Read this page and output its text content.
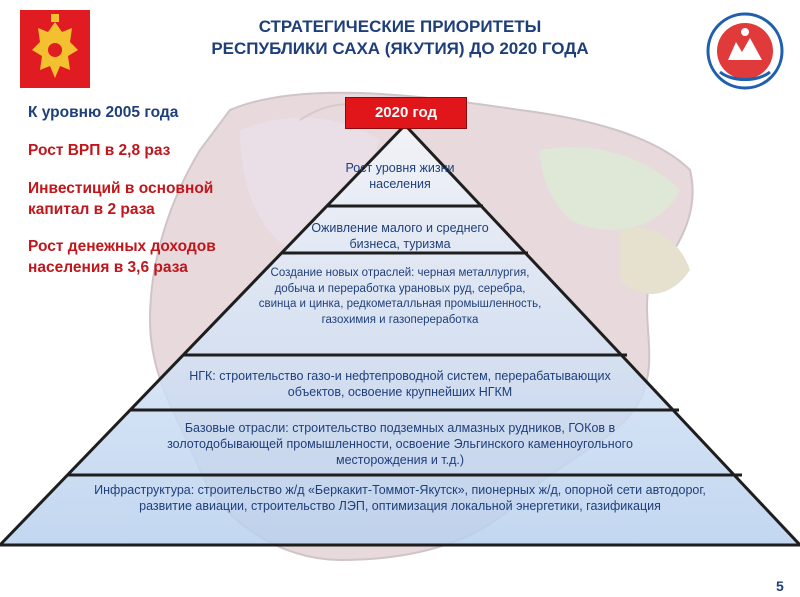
СТРАТЕГИЧЕСКИЕ ПРИОРИТЕТЫ
РЕСПУБЛИКИ САХА (ЯКУТИЯ) ДО 2020 ГОДА
К уровню 2005 года
Рост ВРП в 2,8 раз
Инвестиций в основной капитал в 2 раза
Рост денежных доходов населения в 3,6 раза
2020 год
Рост уровня жизни населения
Оживление малого и среднего бизнеса, туризма
Создание новых отраслей: черная металлургия, добыча и переработка урановых руд, серебра, свинца и цинка, редкометалльная промышленность, газохимия и газопереработка
НГК: строительство газо-и нефтепроводной систем, перерабатывающих объектов, освоение крупнейших НГКМ
Базовые отрасли: строительство подземных алмазных рудников, ГОКов в золотодобывающей промышленности, освоение Эльгинского каменноугольного месторождения и т.д.)
Инфраструктура: строительство ж/д «Беркакит-Томмот-Якутск», пионерных ж/д, опорной сети автодорог, развитие авиации, строительство ЛЭП, оптимизация локальной энергетики, газификация
5
